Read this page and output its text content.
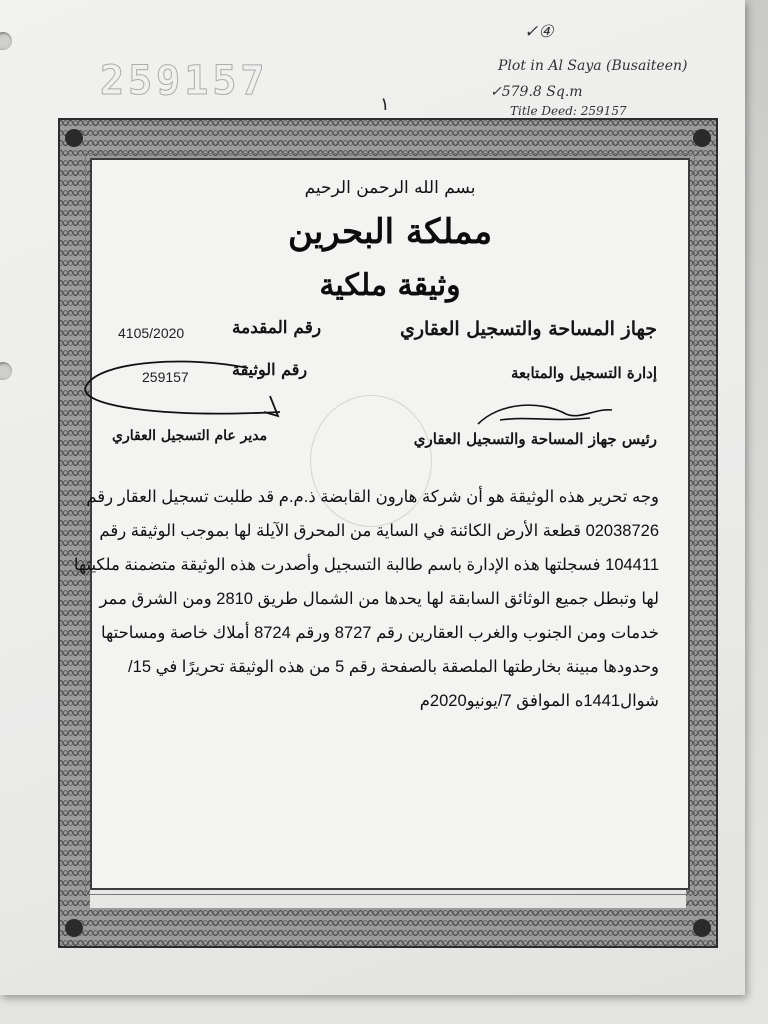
259157
١
✓④
Plot in Al Saya (Busaiteen)
✓579.8 Sq.m
Title Deed: 259157
بسم الله الرحمن الرحيم
مملكة البحرين
وثيقة ملكية
جهاز المساحة والتسجيل العقاري
إدارة التسجيل والمتابعة
رئيس جهاز المساحة والتسجيل العقاري
رقم المقدمة
4105/2020
رقم الوثيقة
259157
مدير عام التسجيل العقاري
وجه تحرير هذه الوثيقة هو أن شركة هارون القابضة ذ.م.م قد طلبت تسجيل العقار رقم
02038726 قطعة الأرض الكائنة في الساية من المحرق الآيلة لها بموجب الوثيقة رقم
104411 فسجلتها هذه الإدارة باسم طالبة التسجيل وأصدرت هذه الوثيقة متضمنة ملكيتها
لها وتبطل جميع الوثائق السابقة لها يحدها من الشمال طريق 2810 ومن الشرق ممر
خدمات ومن الجنوب والغرب العقارين رقم 8727 ورقم 8724 أملاك خاصة ومساحتها
وحدودها مبينة بخارطتها الملصقة بالصفحة رقم 5 من هذه الوثيقة تحريرًا في 15/
شوال1441ه الموافق 7/يونيو2020م
